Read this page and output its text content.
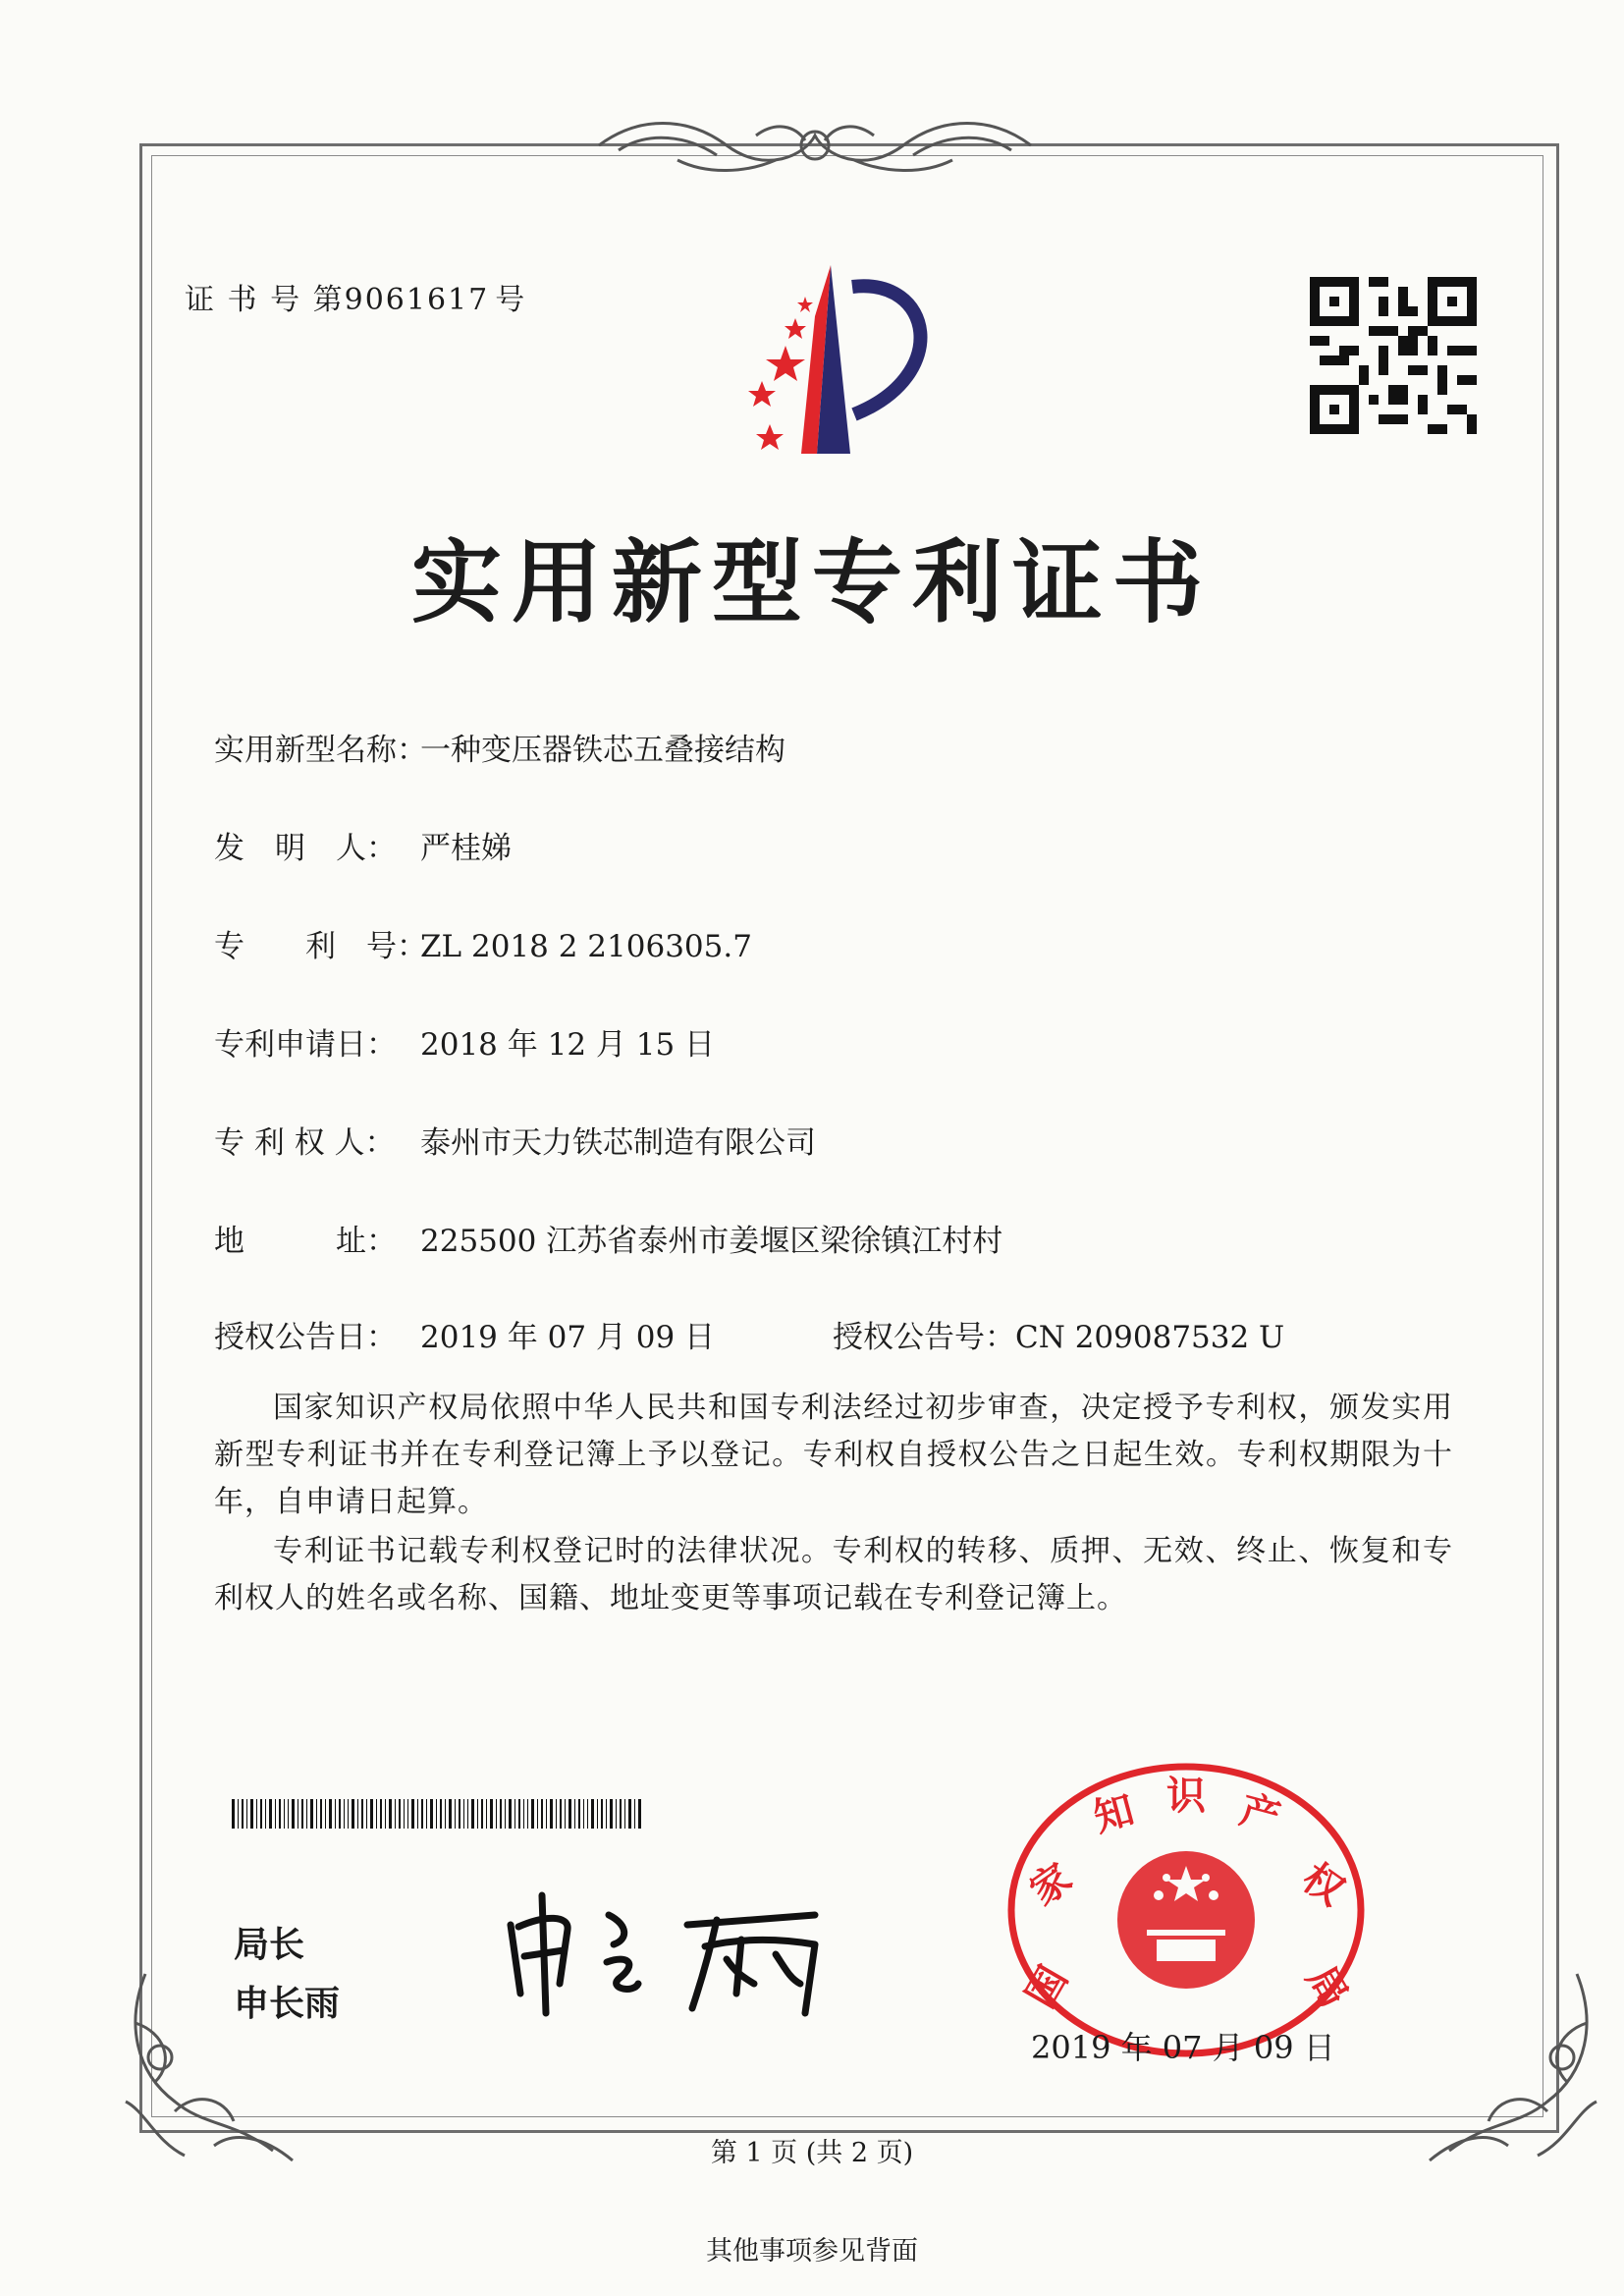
证 书 号 第9061617 号
实用新型专利证书
实用新型名称：一种变压器铁芯五叠接结构
发　明　人： 严桂娣
专　　利　号：ZL 2018 2 2106305.7
专利申请日： 2018 年 12 月 15 日
专 利 权 人： 泰州市天力铁芯制造有限公司
地　　　址： 225500 江苏省泰州市姜堰区梁徐镇江村村
授权公告日： 2019 年 07 月 09 日	授权公告号：CN 209087532 U
国家知识产权局依照中华人民共和国专利法经过初步审查，决定授予专利权，颁发实用新型专利证书并在专利登记簿上予以登记。专利权自授权公告之日起生效。专利权期限为十年，自申请日起算。
专利证书记载专利权登记时的法律状况。专利权的转移、质押、无效、终止、恢复和专利权人的姓名或名称、国籍、地址变更等事项记载在专利登记簿上。
局长
申长雨	国
家
知 识 产
权
局
2019 年 07 月 09 日
第 1 页 (共 2 页)
其他事项参见背面
